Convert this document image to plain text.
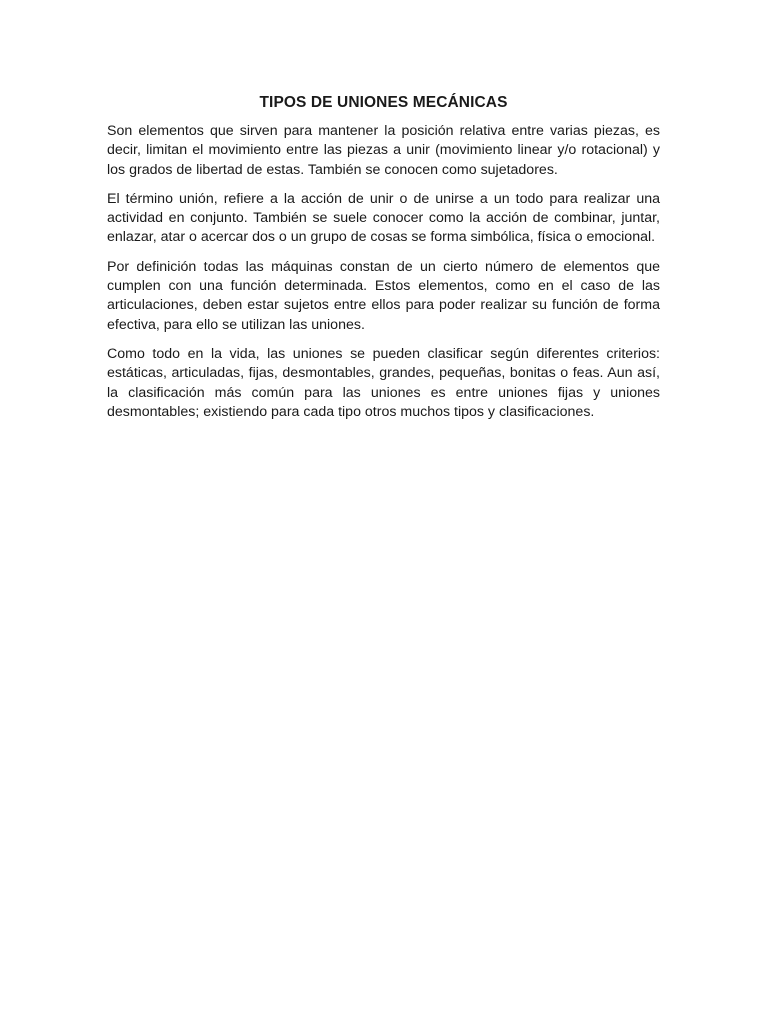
TIPOS DE UNIONES MECÁNICAS

Son elementos que sirven para mantener la posición relativa entre varias piezas, es decir, limitan el movimiento entre las piezas a unir (movimiento linear y/o rotacional) y los grados de libertad de estas. También se conocen como sujetadores.

El término unión, refiere a la acción de unir o de unirse a un todo para realizar una actividad en conjunto. También se suele conocer como la acción de combinar, juntar, enlazar, atar o acercar dos o un grupo de cosas se forma simbólica, física o emocional.

Por definición todas las máquinas constan de un cierto número de elementos que cumplen con una función determinada. Estos elementos, como en el caso de las articulaciones, deben estar sujetos entre ellos para poder realizar su función de forma efectiva, para ello se utilizan las uniones.

Como todo en la vida, las uniones se pueden clasificar según diferentes criterios: estáticas, articuladas, fijas, desmontables, grandes, pequeñas, bonitas o feas. Aun así, la clasificación más común para las uniones es entre uniones fijas y uniones desmontables; existiendo para cada tipo otros muchos tipos y clasificaciones.
